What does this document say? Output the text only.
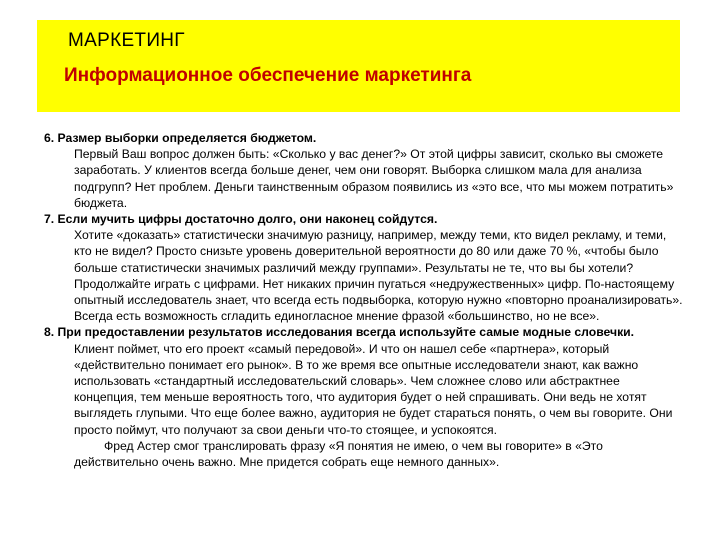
МАРКЕТИНГ
Информационное обеспечение маркетинга
6. Размер выборки определяется бюджетом.
Первый Ваш вопрос должен быть: «Сколько у вас денег?» От этой цифры зависит, сколько вы сможете заработать. У клиентов всегда больше денег, чем они говорят. Выборка слишком мала для анализа подгрупп? Нет проблем. Деньги таинственным образом появились из «это все, что мы можем потратить» бюджета.
7. Если мучить цифры достаточно долго, они наконец сойдутся.
Хотите «доказать» статистически значимую разницу, например, между теми, кто видел рекламу, и теми, кто не видел? Просто снизьте уровень доверительной вероятности до 80 или даже 70 %, «чтобы было больше статистически значимых различий между группами». Результаты не те, что вы бы хотели? Продолжайте играть с цифрами. Нет никаких причин пугаться «недружественных» цифр. По-настоящему опытный исследователь знает, что всегда есть подвыборка, которую нужно «повторно проанализировать». Всегда есть возможность сгладить единогласное мнение фразой «большинство, но не все».
8. При предоставлении результатов исследования всегда используйте самые модные словечки.
Клиент поймет, что его проект «самый передовой». И что он нашел себе «партнера», который «действительно понимает его рынок». В то же время все опытные исследователи знают, как важно использовать «стандартный исследовательский словарь». Чем сложнее слово или абстрактнее концепция, тем меньше вероятность того, что аудитория будет о ней спрашивать. Они ведь не хотят выглядеть глупыми. Что еще более важно, аудитория не будет стараться понять, о чем вы говорите. Они просто поймут, что получают за свои деньги что-то стоящее, и успокоятся.
Фред Астер смог транслировать фразу «Я понятия не имею, о чем вы говорите» в «Это действительно очень важно. Мне придется собрать еще немного данных».
